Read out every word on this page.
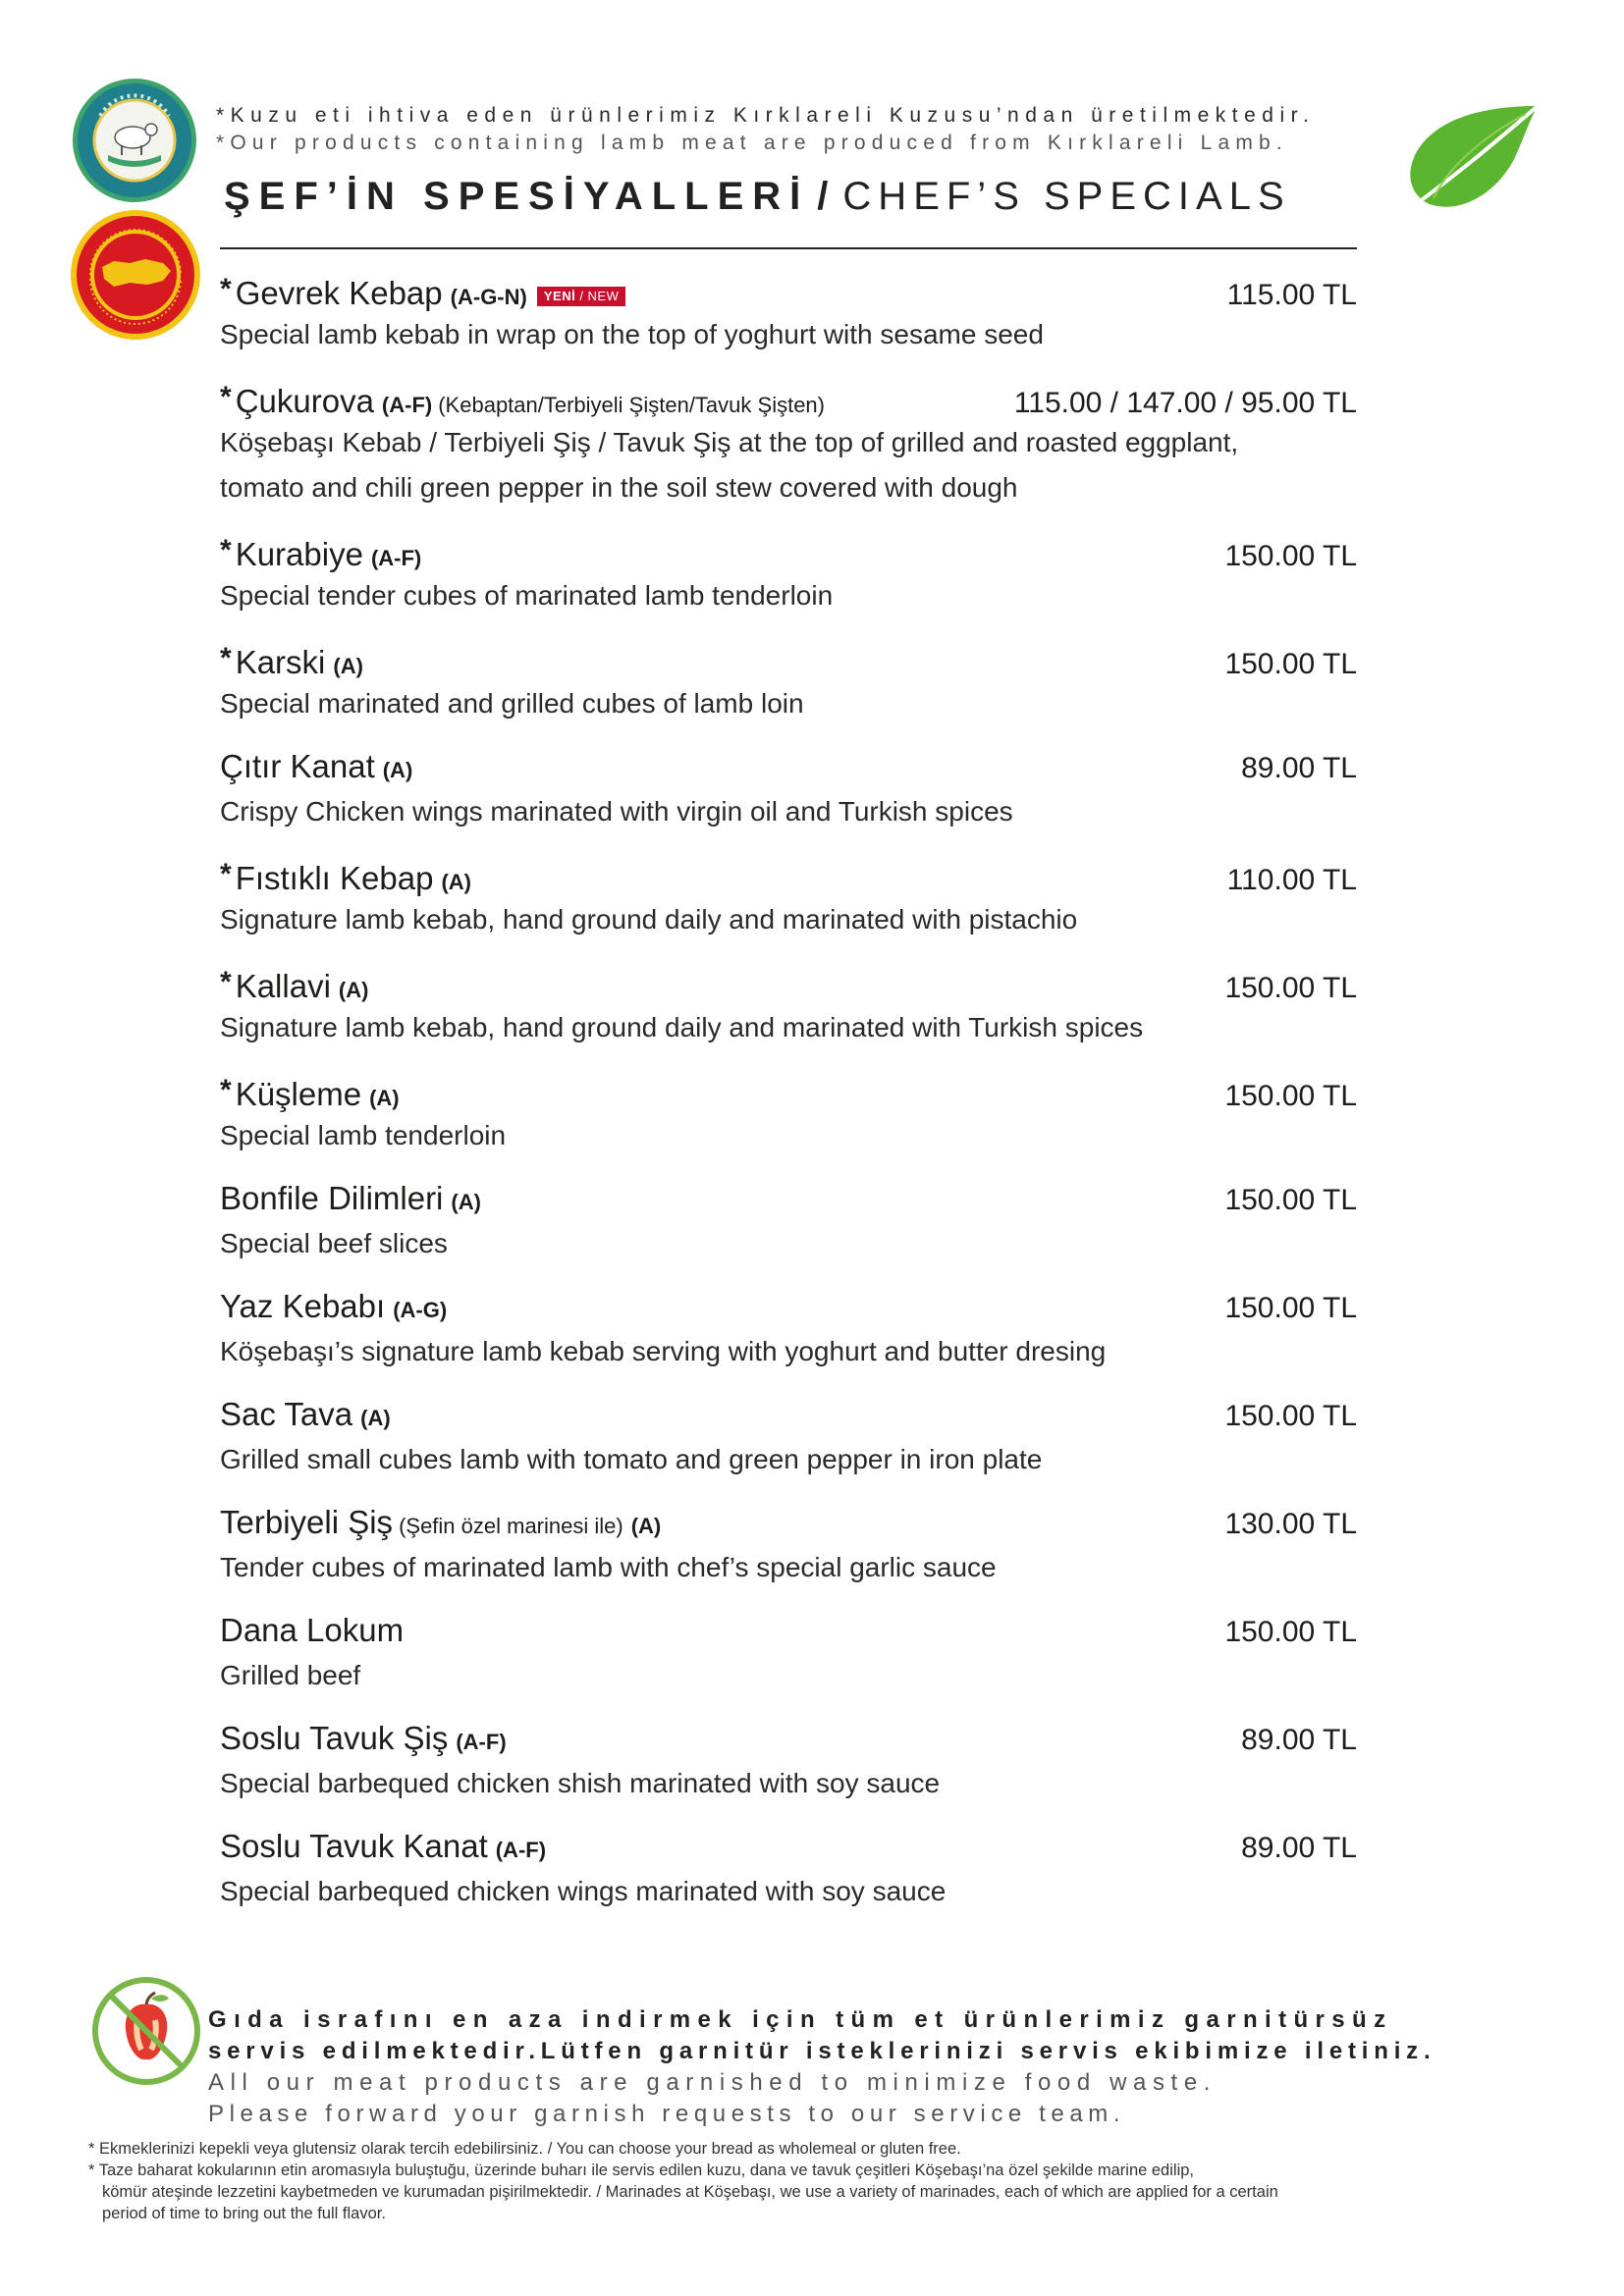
*Kuzu eti ihtiva eden ürünlerimiz Kırklareli Kuzusu’ndan üretilmektedir.
*Our products containing lamb meat are produced from Kırklareli Lamb.
ŞEF’İN SPESİYALLERİ / CHEF’S SPECIALS
* Gevrek Kebap (A-G-N) YENİ / NEW	115.00 TL
Special lamb kebab in wrap on the top of yoghurt with sesame seed
* Çukurova (A-F) (Kebaptan/Terbiyeli Şişten/Tavuk Şişten)	115.00 / 147.00 / 95.00 TL
Köşebaşı Kebab / Terbiyeli Şiş / Tavuk Şiş at the top of grilled and roasted eggplant,
tomato and chili green pepper in the soil stew covered with dough
* Kurabiye (A-F)	150.00 TL
Special tender cubes of marinated lamb tenderloin
* Karski (A)	150.00 TL
Special marinated and grilled cubes of lamb loin
Çıtır Kanat (A)	89.00 TL
Crispy Chicken wings marinated with virgin oil and Turkish spices
* Fıstıklı Kebap (A)	110.00 TL
Signature lamb kebab, hand ground daily and marinated with pistachio
* Kallavi (A)	150.00 TL
Signature lamb kebab, hand ground daily and marinated with Turkish spices
* Küşleme (A)	150.00 TL
Special lamb tenderloin
Bonfile Dilimleri (A)	150.00 TL
Special beef slices
Yaz Kebabı (A-G)	150.00 TL
Köşebaşı’s signature lamb kebab serving with yoghurt and butter dresing
Sac Tava (A)	150.00 TL
Grilled small cubes lamb with tomato and green pepper in iron plate
Terbiyeli Şiş (Şefin özel marinesi ile) (A)	130.00 TL
Tender cubes of marinated lamb with chef’s special garlic sauce
Dana Lokum	150.00 TL
Grilled beef
Soslu Tavuk Şiş (A-F)	89.00 TL
Special barbequed chicken shish marinated with soy sauce
Soslu Tavuk Kanat (A-F)	89.00 TL
Special barbequed chicken wings marinated with soy sauce
Gıda israfını en aza indirmek için tüm et ürünlerimiz garnitürsüz
servis edilmektedir.Lütfen garnitür isteklerinizi servis ekibimize iletiniz.
All our meat products are garnished to minimize food waste.
Please forward your garnish requests to our service team.
* Ekmeklerinizi kepekli veya glutensiz olarak tercih edebilirsiniz. / You can choose your bread as wholemeal or gluten free.
* Taze baharat kokularının etin aromasıyla buluştuğu, üzerinde buharı ile servis edilen kuzu, dana ve tavuk çeşitleri Köşebaşı’na özel şekilde marine edilip,
kömür ateşinde lezzetini kaybetmeden ve kurumadan pişirilmektedir. / Marinades at Köşebaşı, we use a variety of marinades, each of which are applied for a certain
period of time to bring out the full flavor.
